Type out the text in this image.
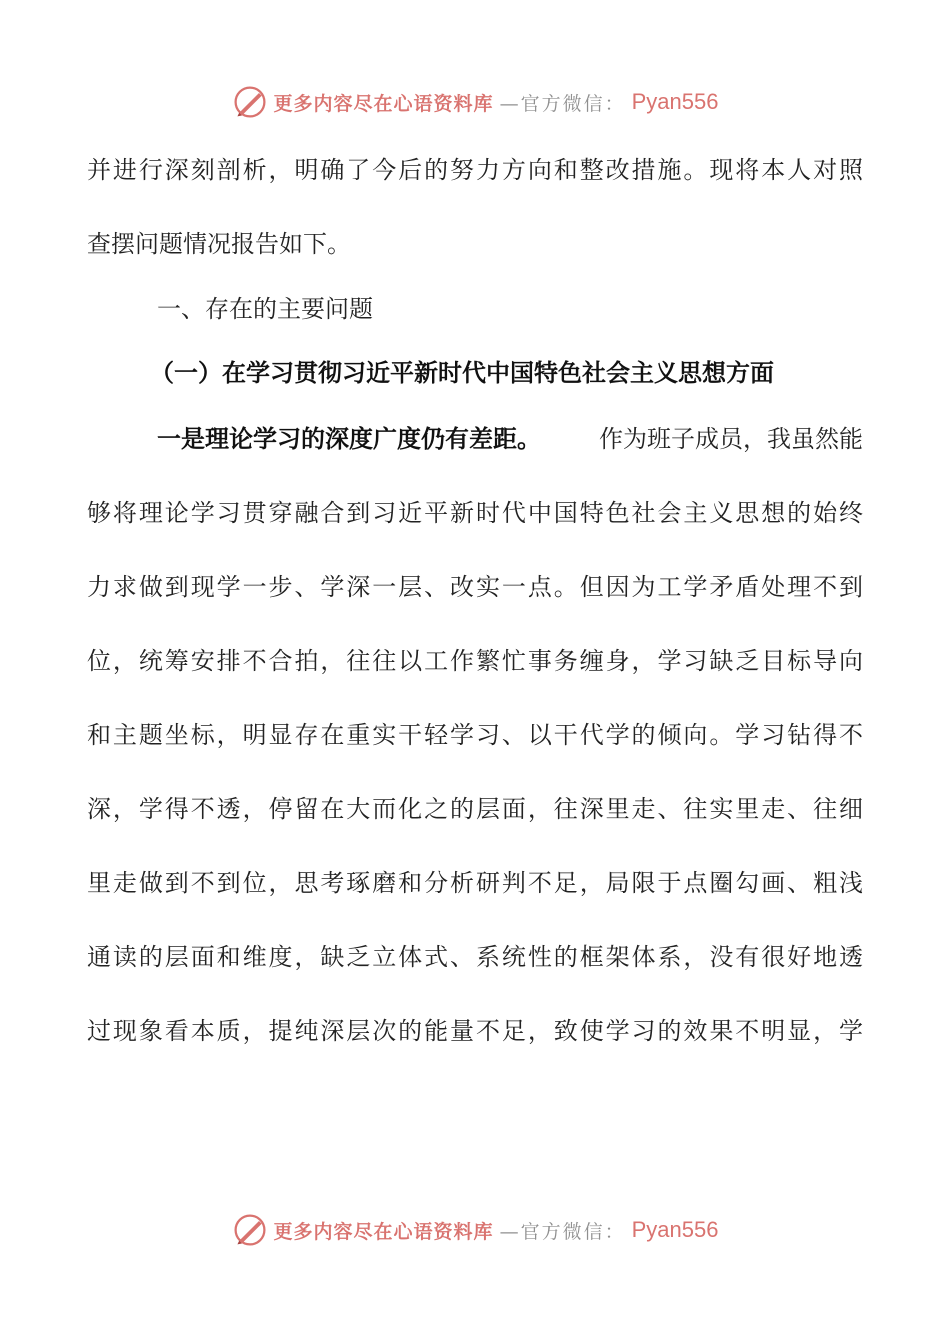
更多内容尽在心语资料库 —官方微信： Pyan556

并进行深刻剖析，明确了今后的努力方向和整改措施。现将本人对照

查摆问题情况报告如下。

一、存在的主要问题

（一）在学习贯彻习近平新时代中国特色社会主义思想方面

一是理论学习的深度广度仍有差距。 作为班子成员，我虽然能

够将理论学习贯穿融合到习近平新时代中国特色社会主义思想的始终

力求做到现学一步、学深一层、改实一点。但因为工学矛盾处理不到

位，统筹安排不合拍，往往以工作繁忙事务缠身，学习缺乏目标导向

和主题坐标，明显存在重实干轻学习、以干代学的倾向。学习钻得不

深，学得不透，停留在大而化之的层面，往深里走、往实里走、往细

里走做到不到位，思考琢磨和分析研判不足，局限于点圈勾画、粗浅

通读的层面和维度，缺乏立体式、系统性的框架体系，没有很好地透

过现象看本质，提纯深层次的能量不足，致使学习的效果不明显，学

更多内容尽在心语资料库 —官方微信： Pyan556
